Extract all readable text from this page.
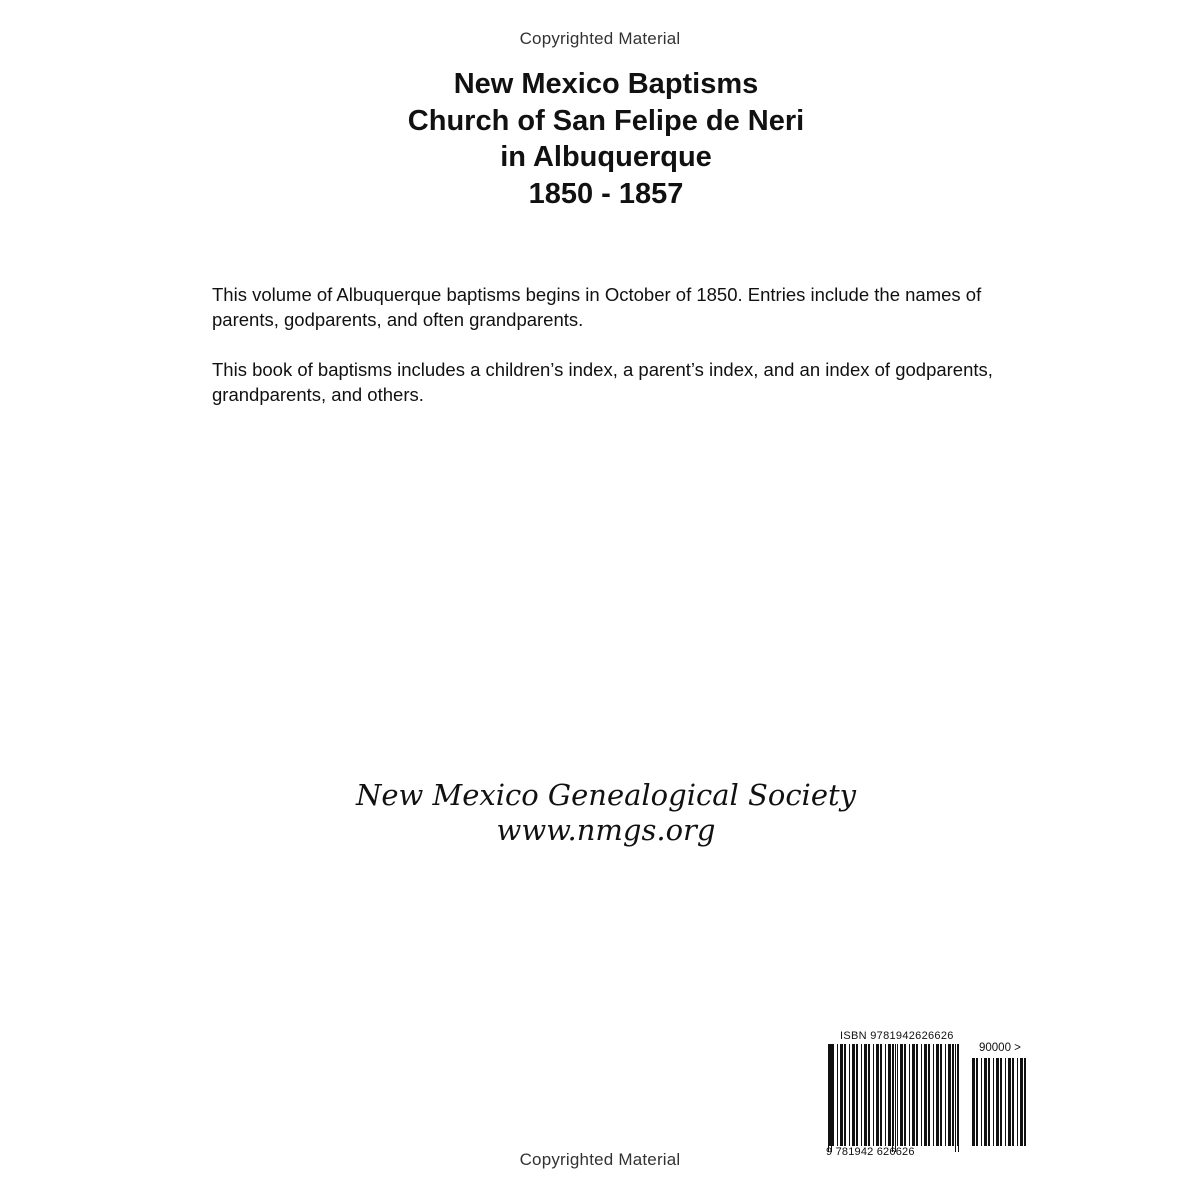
Copyrighted Material
New Mexico Baptisms
Church of San Felipe de Neri
in Albuquerque
1850 - 1857

This volume of Albuquerque baptisms begins in October of 1850. Entries include the names of parents, godparents, and often grandparents.

This book of baptisms includes a children’s index, a parent’s index, and an index of godparents, grandparents, and others.

New Mexico Genealogical Society
www.nmgs.org
ISBN 9781942626626
90000 >
9 781942 626626
Copyrighted Material
